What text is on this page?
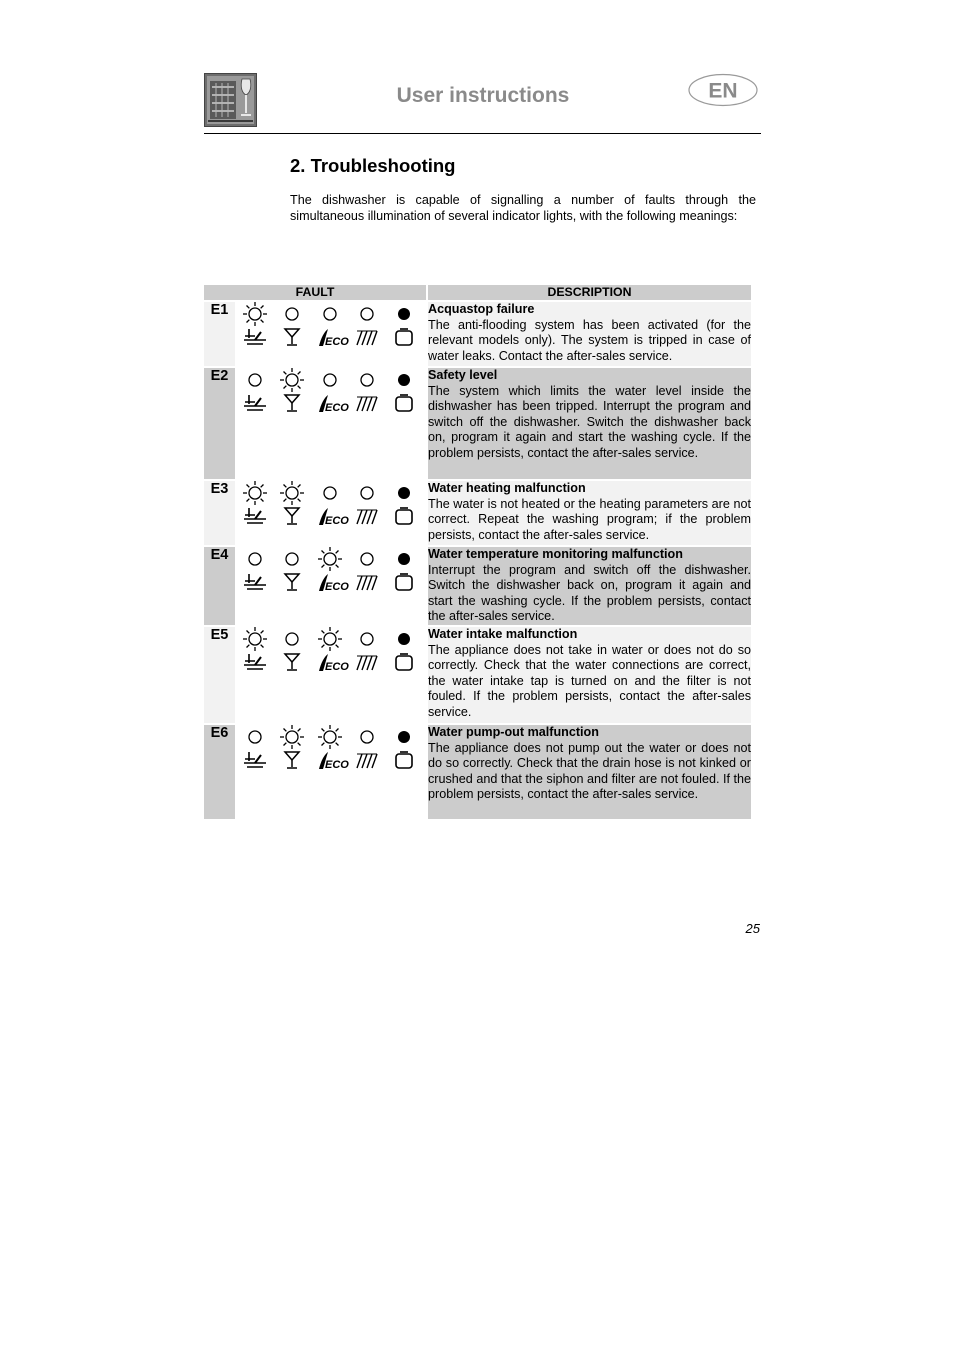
User instructions	EN
2. Troubleshooting
The dishwasher is capable of signalling a number of faults through the simultaneous illumination of several indicator lights, with the following meanings:
FAULT		DESCRIPTION
E1	ECO	Acquastop failure
The anti-flooding system has been activated (for the relevant models only). The system is tripped in case of water leaks. Contact the after-sales service.

E2	ECO	Safety level
The system which limits the water level inside the dishwasher has been tripped. Interrupt the program and switch off the dishwasher. Switch the dishwasher back on, program it again and start the washing cycle. If the problem persists, contact the after-sales service.

E3	ECO	Water heating malfunction
The water is not heated or the heating parameters are not correct. Repeat the washing program; if the problem persists, contact the after-sales service.

E4	ECO	Water temperature monitoring malfunction
Interrupt the program and switch off the dishwasher. Switch the dishwasher back on, program it again and start the washing cycle. If the problem persists, contact the after-sales service.

E5	ECO	Water intake malfunction
The appliance does not take in water or does not do so correctly. Check that the water connections are correct, the water intake tap is turned on and the filter is not fouled. If the problem persists, contact the after-sales service.

E6	ECO	Water pump-out malfunction
The appliance does not pump out the water or does not do so correctly. Check that the drain hose is not kinked or crushed and that the siphon and filter are not fouled. If the problem persists, contact the after-sales service.
25
